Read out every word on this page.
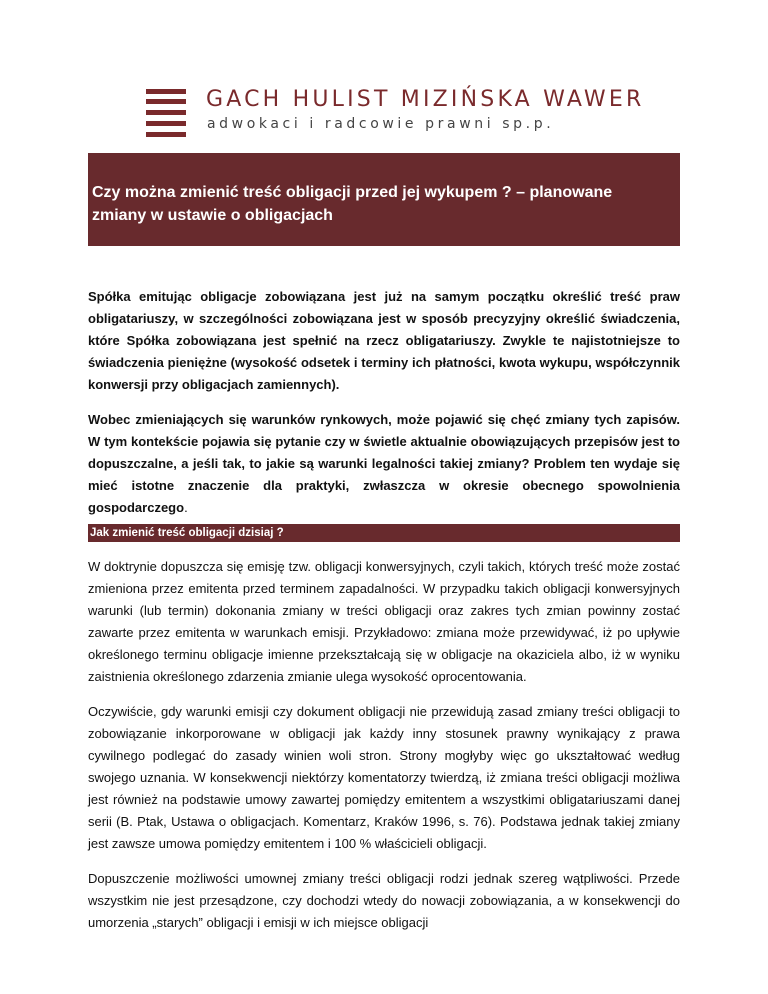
GACH HULIST MIZIŃSKA WAWER
adwokaci i radcowie prawni sp.p.
Czy można zmienić treść obligacji przed jej wykupem ? – planowane zmiany w ustawie o obligacjach

Spółka emitując obligacje zobowiązana jest już na samym początku określić treść praw obligatariuszy, w szczególności zobowiązana jest w sposób precyzyjny określić świadczenia, które Spółka zobowiązana jest spełnić na rzecz obligatariuszy. Zwykle te najistotniejsze to świadczenia pieniężne (wysokość odsetek i terminy ich płatności, kwota wykupu, współczynnik konwersji przy obligacjach zamiennych).

Wobec zmieniających się warunków rynkowych, może pojawić się chęć zmiany tych zapisów. W tym kontekście pojawia się pytanie czy w świetle aktualnie obowiązujących przepisów jest to dopuszczalne, a jeśli tak, to jakie są warunki legalności takiej zmiany? Problem ten wydaje się mieć istotne znaczenie dla praktyki, zwłaszcza w okresie obecnego spowolnienia gospodarczego.

Jak zmienić treść obligacji dzisiaj ?

W doktrynie dopuszcza się emisję tzw. obligacji konwersyjnych, czyli takich, których treść może zostać zmieniona przez emitenta przed terminem zapadalności. W przypadku takich obligacji konwersyjnych warunki (lub termin) dokonania zmiany w treści obligacji oraz zakres tych zmian powinny zostać zawarte przez emitenta w warunkach emisji. Przykładowo: zmiana może przewidywać, iż po upływie określonego terminu obligacje imienne przekształcają się w obligacje na okaziciela albo, iż w wyniku zaistnienia określonego zdarzenia zmianie ulega wysokość oprocentowania.

Oczywiście, gdy warunki emisji czy dokument obligacji nie przewidują zasad zmiany treści obligacji to zobowiązanie inkorporowane w obligacji jak każdy inny stosunek prawny wynikający z prawa cywilnego podlegać do zasady winien woli stron. Strony mogłyby więc go ukształtować według swojego uznania. W konsekwencji niektórzy komentatorzy twierdzą, iż zmiana treści obligacji możliwa jest również na podstawie umowy zawartej pomiędzy emitentem a wszystkimi obligatariuszami danej serii (B. Ptak, Ustawa o obligacjach. Komentarz, Kraków 1996, s. 76). Podstawa jednak takiej zmiany jest zawsze umowa pomiędzy emitentem i 100 % właścicieli obligacji.

Dopuszczenie możliwości umownej zmiany treści obligacji rodzi jednak szereg wątpliwości. Przede wszystkim nie jest przesądzone, czy dochodzi wtedy do nowacji zobowiązania, a w konsekwencji do umorzenia „starych” obligacji i emisji w ich miejsce obligacji
